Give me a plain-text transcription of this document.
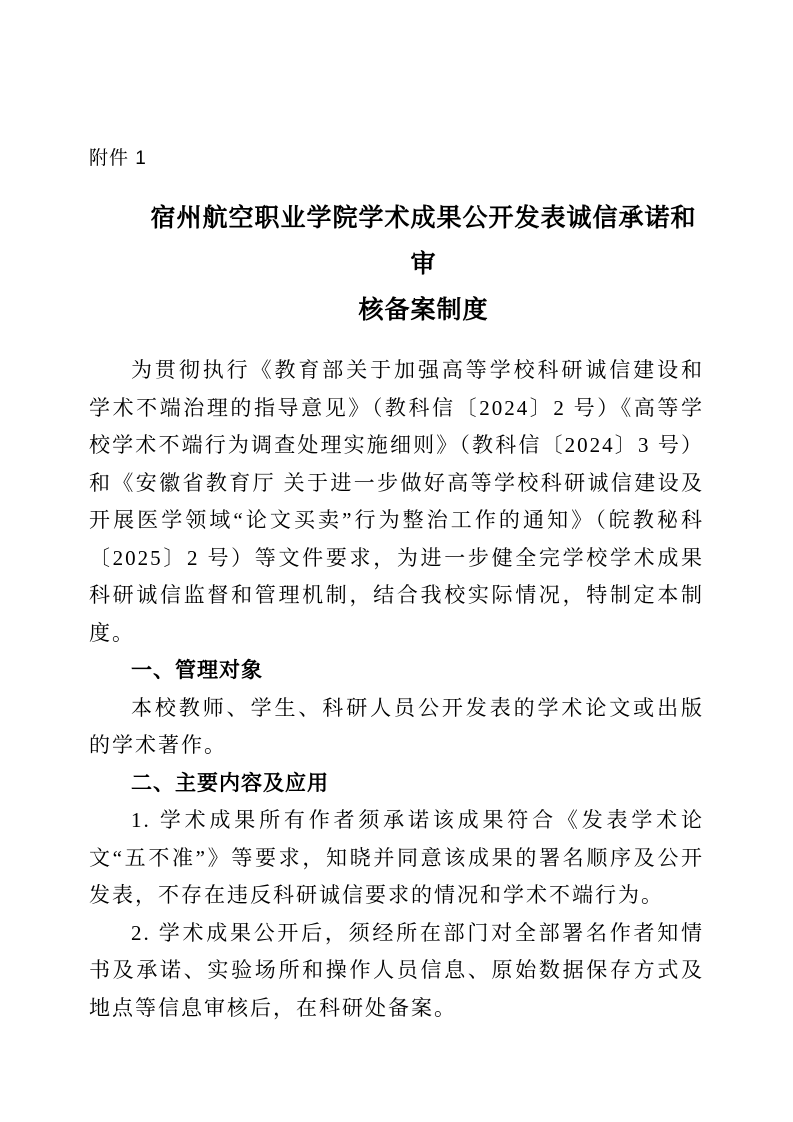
附件 1
宿州航空职业学院学术成果公开发表诚信承诺和审
核备案制度

为贯彻执行《教育部关于加强高等学校科研诚信建设和学术不端治理的指导意见》（教科信〔2024〕2 号）《高等学校学术不端行为调查处理实施细则》（教科信〔2024〕3 号）和《安徽省教育厅 关于进一步做好高等学校科研诚信建设及开展医学领域“论文买卖”行为整治工作的通知》（皖教秘科〔2025〕2 号）等文件要求，为进一步健全完学校学术成果科研诚信监督和管理机制，结合我校实际情况，特制定本制度。

一、管理对象

本校教师、学生、科研人员公开发表的学术论文或出版的学术著作。

二、主要内容及应用

1. 学术成果所有作者须承诺该成果符合《发表学术论文“五不准”》等要求，知晓并同意该成果的署名顺序及公开发表，不存在违反科研诚信要求的情况和学术不端行为。

2. 学术成果公开后，须经所在部门对全部署名作者知情书及承诺、实验场所和操作人员信息、原始数据保存方式及地点等信息审核后，在科研处备案。
